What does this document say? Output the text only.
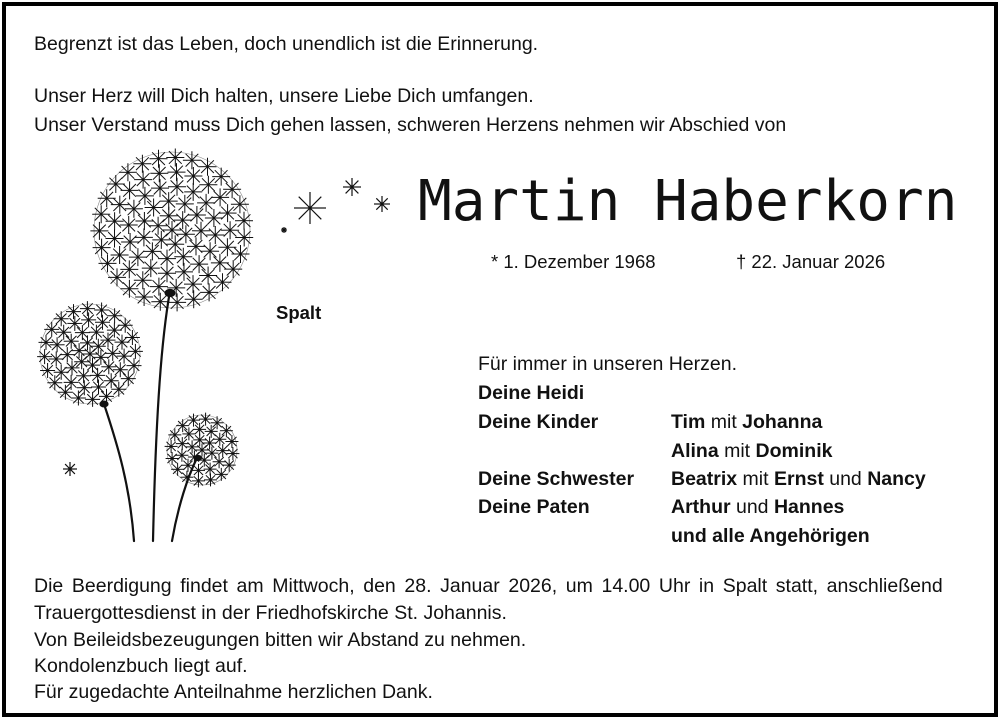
Begrenzt ist das Leben, doch unendlich ist die Erinnerung.
Unser Herz will Dich halten, unsere Liebe Dich umfangen.
Unser Verstand muss Dich gehen lassen, schweren Herzens nehmen wir Abschied von
Martin Haberkorn
* 1. Dezember 1968	† 22. Januar 2026
Spalt
Für immer in unseren Herzen.
Deine Heidi
Deine Kinder	Tim mit Johanna
Alina mit Dominik
Deine Schwester Beatrix mit Ernst und Nancy
Deine Paten	Arthur und Hannes
und alle Angehörigen
Die Beerdigung findet am Mittwoch, den 28. Januar 2026, um 14.00 Uhr in Spalt statt, anschließend
Trauergottesdienst in der Friedhofskirche St. Johannis.
Von Beileidsbezeugungen bitten wir Abstand zu nehmen.
Kondolenzbuch liegt auf.
Für zugedachte Anteilnahme herzlichen Dank.
